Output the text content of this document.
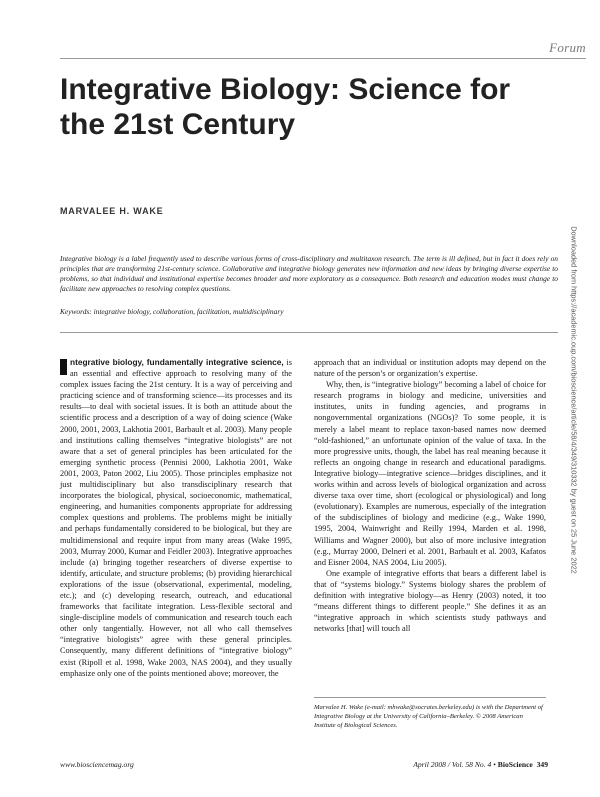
Forum
Integrative Biology: Science for the 21st Century
MARVALEE H. WAKE

Integrative biology is a label frequently used to describe various forms of cross-disciplinary and multitaxon research. The term is ill defined, but in fact it does rely on principles that are transforming 21st-century science. Collaborative and integrative biology generates new information and new ideas by bringing diverse expertise to problems, so that individual and institutional expertise becomes broader and more exploratory as a consequence. Both research and education modes must change to facilitate new approaches to resolving complex questions.

Keywords: integrative biology, collaboration, facilitation, multidisciplinary

ntegrative biology, fundamentally integrative science, is an essential and effective approach to resolving many of the complex issues facing the 21st century. It is a way of perceiving and practicing science and of transforming science—its processes and its results—to deal with societal issues. It is both an attitude about the scientific process and a description of a way of doing science (Wake 2000, 2001, 2003, Lakhotia 2001, Barbault et al. 2003). Many people and institutions calling themselves “integrative biologists” are not aware that a set of general principles has been articulated for the emerging synthetic process (Pennisi 2000, Lakhotia 2001, Wake 2001, 2003, Paton 2002, Liu 2005). Those principles emphasize not just multidisciplinary but also transdisciplinary research that incorporates the biological, physical, socioeconomic, mathematical, engineering, and humanities components appropriate for addressing complex questions and problems. The problems might be initially and perhaps fundamentally considered to be biological, but they are multidimensional and require input from many areas (Wake 1995, 2003, Murray 2000, Kumar and Feidler 2003). Integrative approaches include (a) bringing together researchers of diverse expertise to identify, articulate, and structure problems; (b) providing hierarchical explorations of the issue (observational, experimental, modeling, etc.); and (c) developing research, outreach, and educational frameworks that facilitate integration. Less-flexible sectoral and single-discipline models of communication and research touch each other only tangentially. However, not all who call themselves “integrative biologists” agree with these general principles. Consequently, many different definitions of “integrative biology” exist (Ripoll et al. 1998, Wake 2003, NAS 2004), and they usually emphasize only one of the points mentioned above; moreover, the

approach that an individual or institution adopts may depend on the nature of the person’s or organization’s expertise.

Why, then, is “integrative biology” becoming a label of choice for research programs in biology and medicine, universities and institutes, units in funding agencies, and programs in nongovernmental organizations (NGOs)? To some people, it is merely a label meant to replace taxon-based names now deemed “old-fashioned,” an unfortunate opinion of the value of taxa. In the more progressive units, though, the label has real meaning because it reflects an ongoing change in research and educational paradigms. Integrative biology—integrative science—bridges disciplines, and it works within and across levels of biological organization and across diverse taxa over time, short (ecological or physiological) and long (evolutionary). Examples are numerous, especially of the integration of the subdisciplines of biology and medicine (e.g., Wake 1990, 1995, 2004, Wainwright and Reilly 1994, Marden et al. 1998, Williams and Wagner 2000), but also of more inclusive integration (e.g., Murray 2000, Delneri et al. 2001, Barbault et al. 2003, Kafatos and Eisner 2004, NAS 2004, Liu 2005).

One example of integrative efforts that bears a different label is that of “systems biology.” Systems biology shares the problem of definition with integrative biology—as Henry (2003) noted, it too “means different things to different people.” She defines it as an “integrative approach in which scientists study pathways and networks [that] will touch all

Marvalee H. Wake (e-mail: mhwake@socrates.berkeley.edu) is with the Department of Integrative Biology at the University of California–Berkeley. © 2008 American Institute of Biological Sciences.
www.biosciencemag.org	April 2008 / Vol. 58 No. 4 • BioScience 349
Downloaded from https://academic.oup.com/bioscience/article/58/4/349/310332 by guest on 25 June 2022
